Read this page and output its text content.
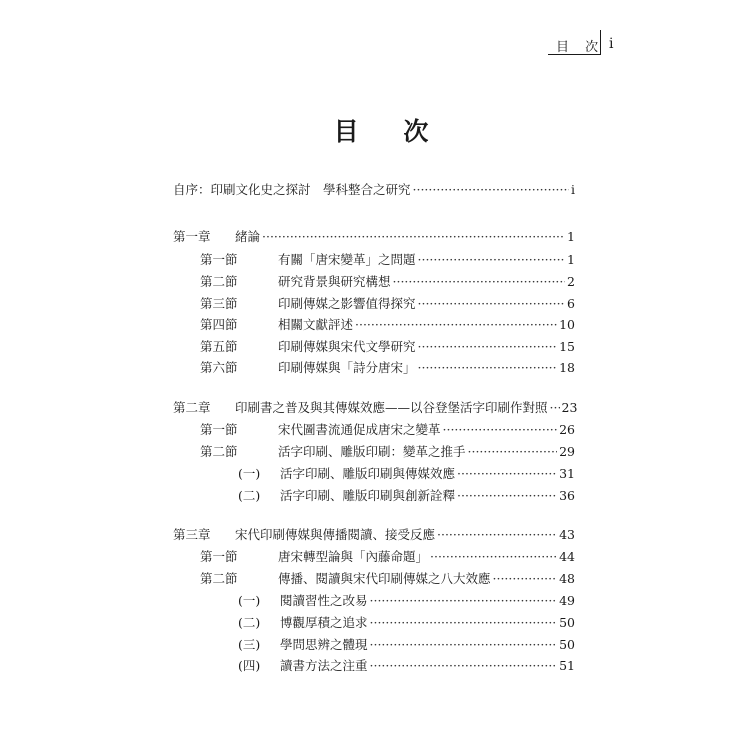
目 次 i
目 次
自序：印刷文化史之探討　學科整合之研究 ·····	i
第一章	緒論 ·····	1
第一節	有關「唐宋變革」之問題 ·····	1
第二節	研究背景與研究構想 ·····	2
第三節	印刷傳媒之影響值得探究 ·····	6
第四節	相關文獻評述 ·····	10
第五節	印刷傳媒與宋代文學研究 ·····	15
第六節	印刷傳媒與「詩分唐宋」 ·····	18
第二章	印刷書之普及與其傳媒效應——以谷登堡活字印刷作對照 ····· 23
第一節	宋代圖書流通促成唐宋之變革 ·····	26
第二節	活字印刷、雕版印刷：變革之推手 ·····	29
(一)	活字印刷、雕版印刷與傳媒效應 ·····	31
(二)	活字印刷、雕版印刷與創新詮釋 ·····	36
第三章	宋代印刷傳媒與傳播閱讀、接受反應 ·····	43
第一節	唐宋轉型論與「內藤命題」 ·····	44
第二節	傳播、閱讀與宋代印刷傳媒之八大效應 ·····	48
(一)	閱讀習性之改易 ·····	49
(二)	博觀厚積之追求 ·····	50
(三)	學問思辨之體現 ·····	50
(四)	讀書方法之注重 ·····	51
